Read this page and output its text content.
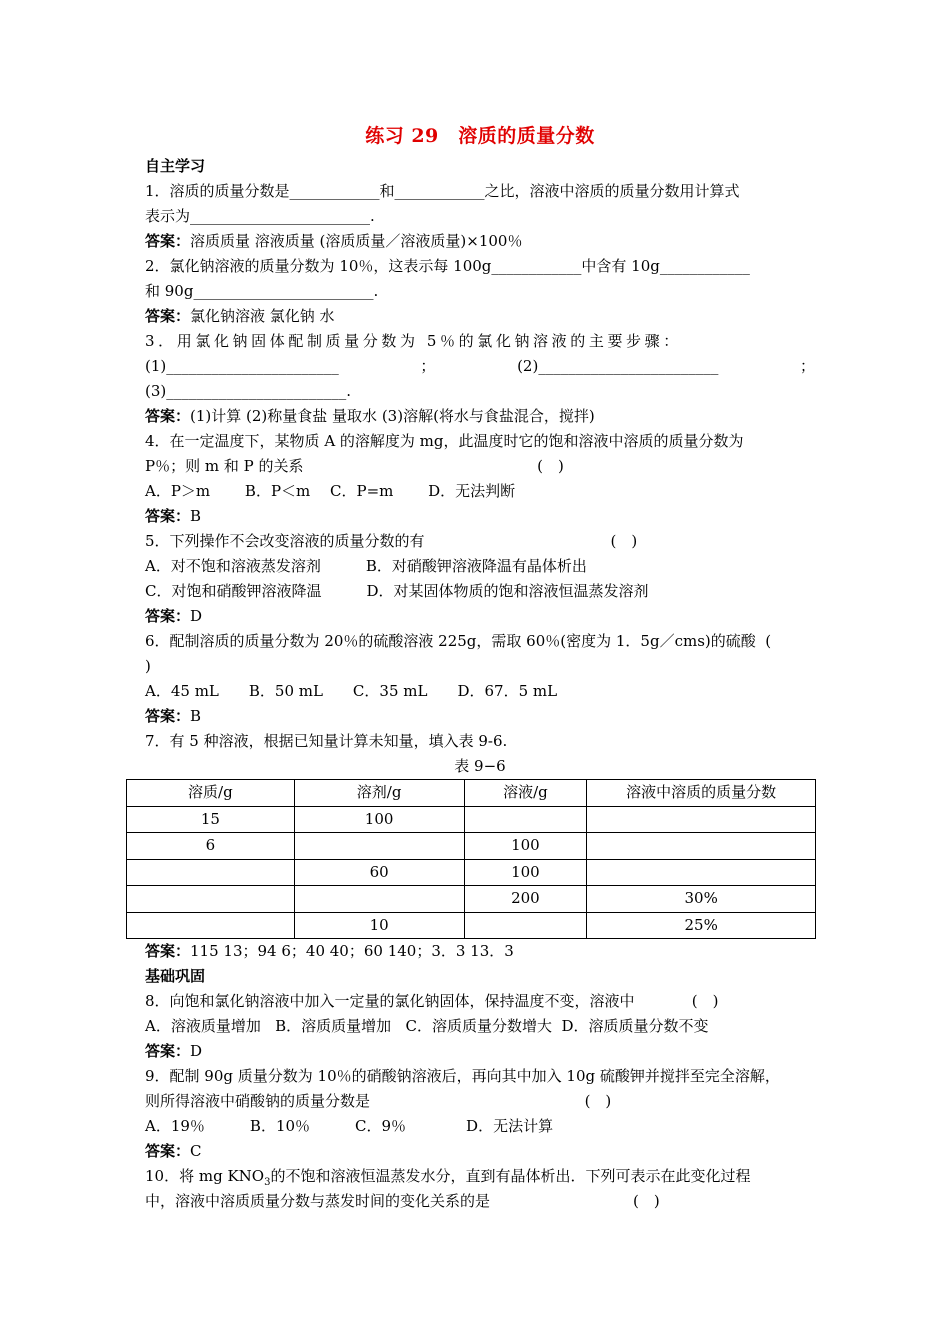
练习 29　溶质的质量分数
自主学习
1．溶质的质量分数是____________和____________之比，溶液中溶质的质量分数用计算式
表示为________________________.
答案：溶质质量 溶液质量 (溶质质量／溶液质量)×100％
2．氯化钠溶液的质量分数为 10％，这表示每 100g____________中含有 10g____________
和 90g________________________.
答案：氯化钠溶液 氯化钠 水
3．用氯化钠固体配制质量分数为 5％的氯化钠溶液的主要步骤：
(1)_______________________	；	(2)________________________	；
(3)________________________.
答案：(1)计算 (2)称量食盐 量取水 (3)溶解(将水与食盐混合，搅拌)
4．在一定温度下，某物质 A 的溶解度为 mg，此温度时它的饱和溶液中溶质的质量分数为
P％；则 m 和 P 的关系                                                 (　)
A．P＞m　　 B．P＜m　 C．P=m　　 D．无法判断
答案：B
5．下列操作不会改变溶液的质量分数的有                                       (　)
A．对不饱和溶液蒸发溶剂　　　B．对硝酸钾溶液降温有晶体析出
C．对饱和硝酸钾溶液降温　　　D．对某固体物质的饱和溶液恒温蒸发溶剂
答案：D
6．配制溶质的质量分数为 20％的硫酸溶液 225g，需取 60％(密度为 1．5g／cms)的硫酸  (
)
A．45 mL　　B．50 mL　　C．35 mL　　D．67．5 mL
答案：B
7．有 5 种溶液，根据已知量计算未知量，填入表 9-6.
表 9−6
溶质/g	溶剂/g	溶液/g	溶液中溶质的质量分数
15	100		
6		100	
	60	100	
		200	30%
	10		25%
答案：115 13；94 6；40 40；60 140；3．3 13．3
基础巩固
8．向饱和氯化钠溶液中加入一定量的氯化钠固体，保持温度不变，溶液中            (　)
A．溶液质量增加   B．溶质质量增加   C．溶质质量分数增大  D．溶质质量分数不变
答案：D
9．配制 90g 质量分数为 10％的硝酸钠溶液后，再向其中加入 10g 硫酸钾并搅拌至完全溶解，
则所得溶液中硝酸钠的质量分数是                                             (　)
A．19％　　　B．10％　　　C．9％　　　　D．无法计算
答案：C
10．将 mg $KNO_3$的不饱和溶液恒温蒸发水分，直到有晶体析出．下列可表示在此变化过程
中，溶液中溶质质量分数与蒸发时间的变化关系的是                              (　)
